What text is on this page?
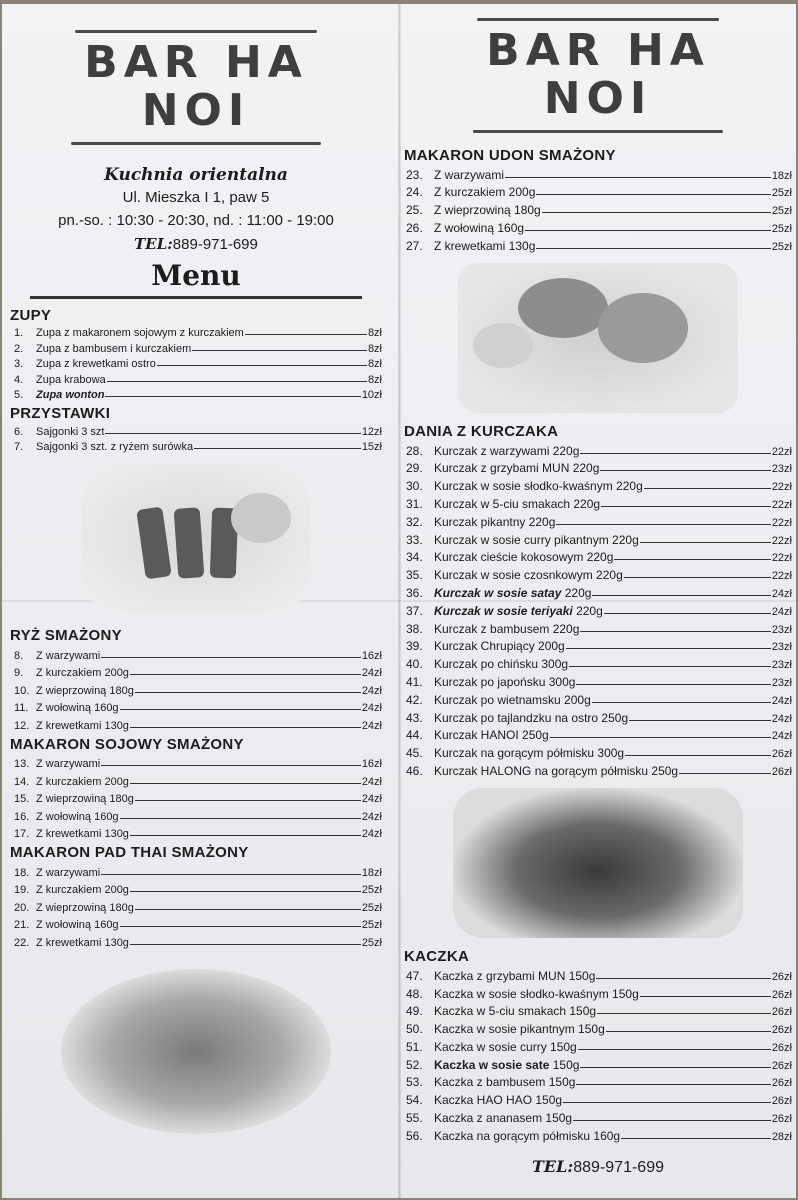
BAR HA NOI
Kuchnia orientalna
Ul. Mieszka I 1, paw 5
pn.-so. : 10:30 - 20:30, nd. : 11:00 - 19:00
TEL:889-971-699
Menu
ZUPY
1.	Zupa z makaronem sojowym z kurczakiem	8zł
2.	Zupa z bambusem i kurczakiem	8zł
3.	Zupa z krewetkami ostro	8zł
4.	Zupa krabowa	8zł
5.	Zupa wonton	10zł
PRZYSTAWKI
6.	Sajgonki 3 szt	12zł
7.	Sajgonki 3 szt. z ryżem surówka	15zł
RYŻ SMAŻONY
8.	Z warzywami	16zł
9.	Z kurczakiem 200g	24zł
10. Z wieprzowiną 180g	24zł
11. Z wołowiną 160g	24zł
12. Z krewetkami 130g	24zł
MAKARON SOJOWY SMAŻONY
13. Z warzywami	16zł
14. Z kurczakiem 200g	24zł
15. Z wieprzowiną 180g	24zł
16. Z wołowiną 160g	24zł
17. Z krewetkami 130g	24zł
MAKARON PAD THAI SMAŻONY
18. Z warzywami	18zł
19. Z kurczakiem 200g	25zł
20. Z wieprzowiną 180g	25zł
21. Z wołowiną 160g	25zł
22. Z krewetkami 130g	25zł
BAR HA NOI
MAKARON UDON SMAŻONY
23. Z warzywami	18zł
24. Z kurczakiem 200g	25zł
25. Z wieprzowiną 180g	25zł
26. Z wołowiną 160g	25zł
27. Z krewetkami 130g	25zł
DANIA Z KURCZAKA
28. Kurczak z warzywami 220g	22zł
29. Kurczak z grzybami MUN 220g	23zł
30. Kurczak w sosie słodko-kwaśnym 220g	22zł
31. Kurczak w 5-ciu smakach 220g	22zł
32. Kurczak pikantny 220g	22zł
33. Kurczak w sosie curry pikantnym 220g	22zł
34. Kurczak cieście kokosowym 220g	22zł
35. Kurczak w sosie czosnkowym 220g	22zł
36. Kurczak w sosie satay 220g	24zł
37. Kurczak w sosie teriyaki 220g	24zł
38. Kurczak z bambusem 220g	23zł
39. Kurczak Chrupiący 200g	23zł
40. Kurczak po chińsku 300g	23zł
41. Kurczak po japońsku 300g	23zł
42. Kurczak po wietnamsku 200g	24zł
43. Kurczak po tajlandzku na ostro 250g	24zł
44. Kurczak HANOI 250g	24zł
45. Kurczak na gorącym półmisku 300g	26zł
46. Kurczak HALONG na gorącym półmisku 250g	26zł
KACZKA
47. Kaczka z grzybami MUN 150g	26zł
48. Kaczka w sosie słodko-kwaśnym 150g	26zł
49. Kaczka w 5-ciu smakach 150g	26zł
50. Kaczka w sosie pikantnym 150g	26zł
51. Kaczka w sosie curry 150g	26zł
52. Kaczka w sosie sate 150g	26zł
53. Kaczka z bambusem 150g	26zł
54. Kaczka HAO HAO 150g	26zł
55. Kaczka z ananasem 150g	26zł
56. Kaczka na gorącym półmisku 160g	28zł
TEL:889-971-699
